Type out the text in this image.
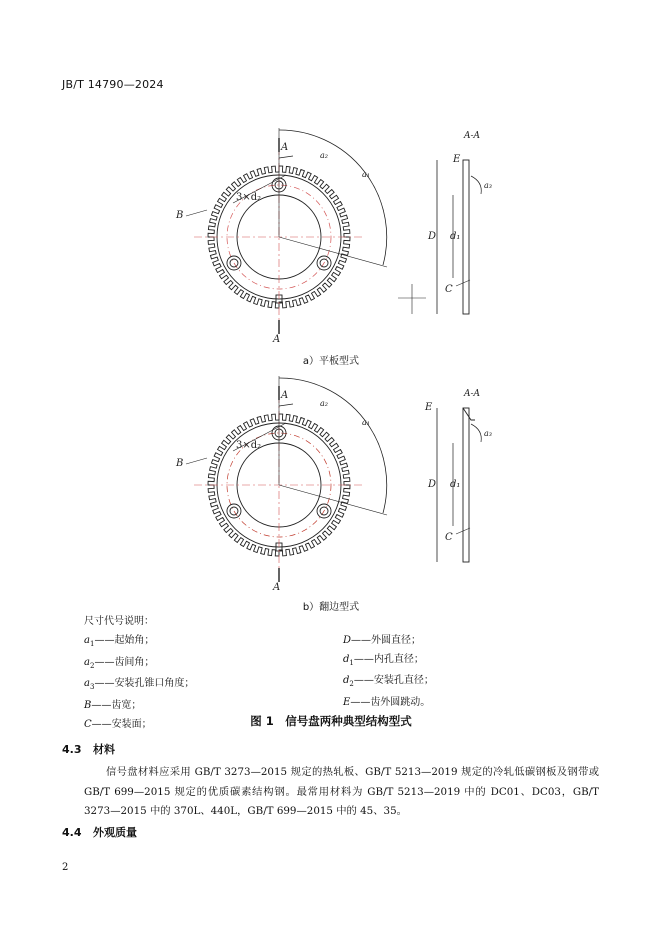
JB/T 14790—2024
A
A
a₁
a₂
3×d₂
B
A-A
E
D d₁
a₃
C
a）平板型式
A
A
a₁
a₂
3×d₂
B
A-A
E
D d₁
a₃
C
b）翻边型式
尺寸代号说明：
$a_1——$起始角；
$a_2——$齿间角；
$a_3——$安装孔锥口角度；
B——齿宽；
C——安装面；
D——外圆直径；
$d_1——$内孔直径；
$d_2——$安装孔直径；
E——齿外圆跳动。
图 1　信号盘两种典型结构型式
4.3 材料
信号盘材料应采用 GB/T 3273—2015 规定的热轧板、GB/T 5213—2019 规定的冷轧低碳钢板及钢带或 GB/T 699—2015 规定的优质碳素结构钢。最常用材料为 GB/T 5213—2019 中的 DC01、DC03，GB/T 3273—2015 中的 370L、440L，GB/T 699—2015 中的 45、35。
4.4 外观质量
2
